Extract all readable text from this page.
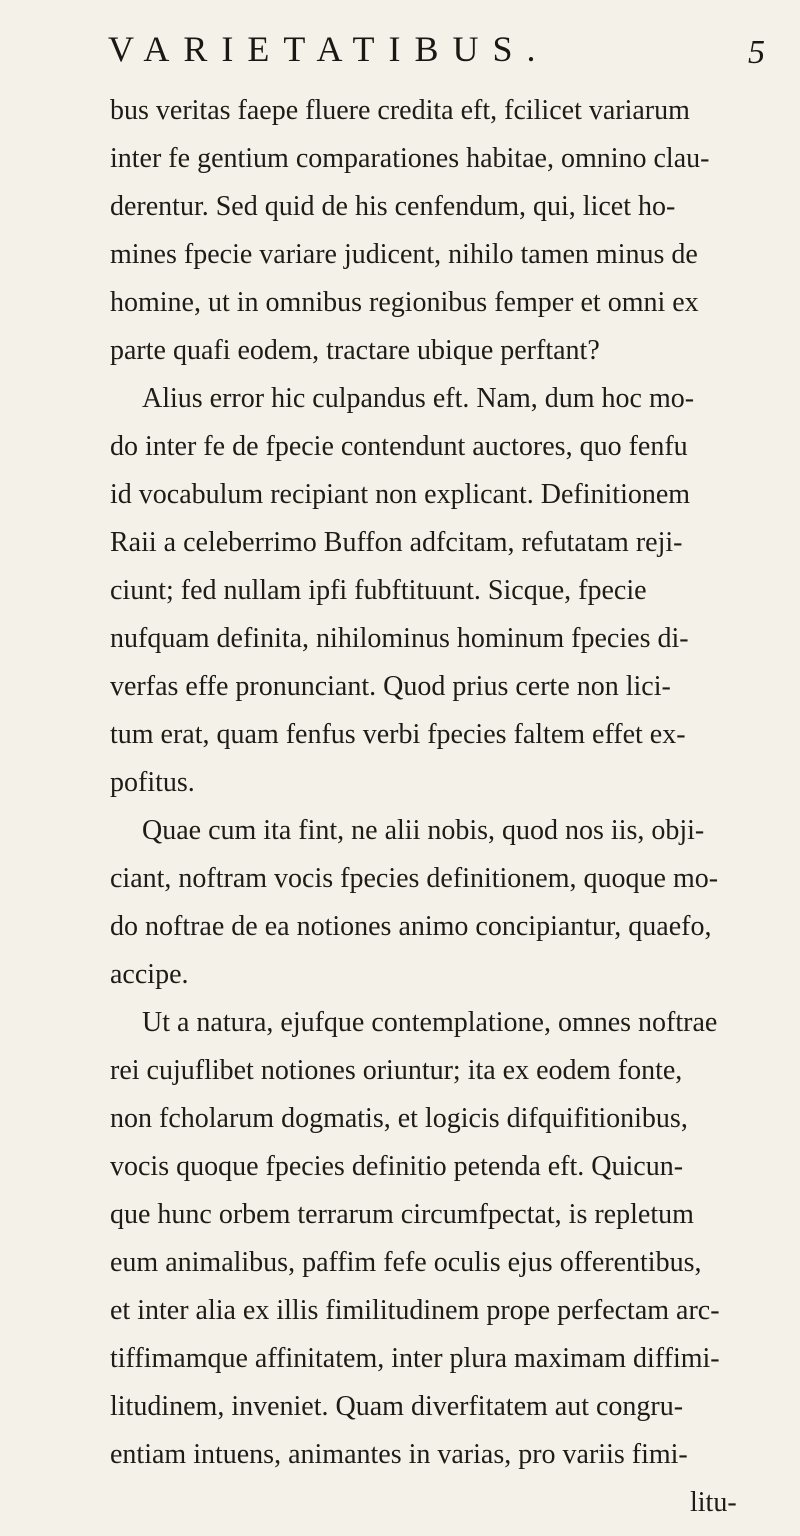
VARIETATIBUS.	5
bus veritas faepe fluere credita eft, fcilicet variarum
inter fe gentium comparationes habitae, omnino clau-
derentur. Sed quid de his cenfendum, qui, licet ho-
mines fpecie variare judicent, nihilo tamen minus de
homine, ut in omnibus regionibus femper et omni ex
parte quafi eodem, tractare ubique perftant?
Alius error hic culpandus eft. Nam, dum hoc mo-
do inter fe de fpecie contendunt auctores, quo fenfu
id vocabulum recipiant non explicant. Definitionem
Raii a celeberrimo Buffon adfcitam, refutatam reji-
ciunt; fed nullam ipfi fubftituunt. Sicque, fpecie
nufquam definita, nihilominus hominum fpecies di-
verfas effe pronunciant. Quod prius certe non lici-
tum erat, quam fenfus verbi fpecies faltem effet ex-
pofitus.
Quae cum ita fint, ne alii nobis, quod nos iis, obji-
ciant, noftram vocis fpecies definitionem, quoque mo-
do noftrae de ea notiones animo concipiantur, quaefo,
accipe.
Ut a natura, ejufque contemplatione, omnes noftrae
rei cujuflibet notiones oriuntur; ita ex eodem fonte,
non fcholarum dogmatis, et logicis difquifitionibus,
vocis quoque fpecies definitio petenda eft. Quicun-
que hunc orbem terrarum circumfpectat, is repletum
eum animalibus, paffim fefe oculis ejus offerentibus,
et inter alia ex illis fimilitudinem prope perfectam arc-
tiffimamque affinitatem, inter plura maximam diffimi-
litudinem, inveniet. Quam diverfitatem aut congru-
entiam intuens, animantes in varias, pro variis fimi-
litu-
